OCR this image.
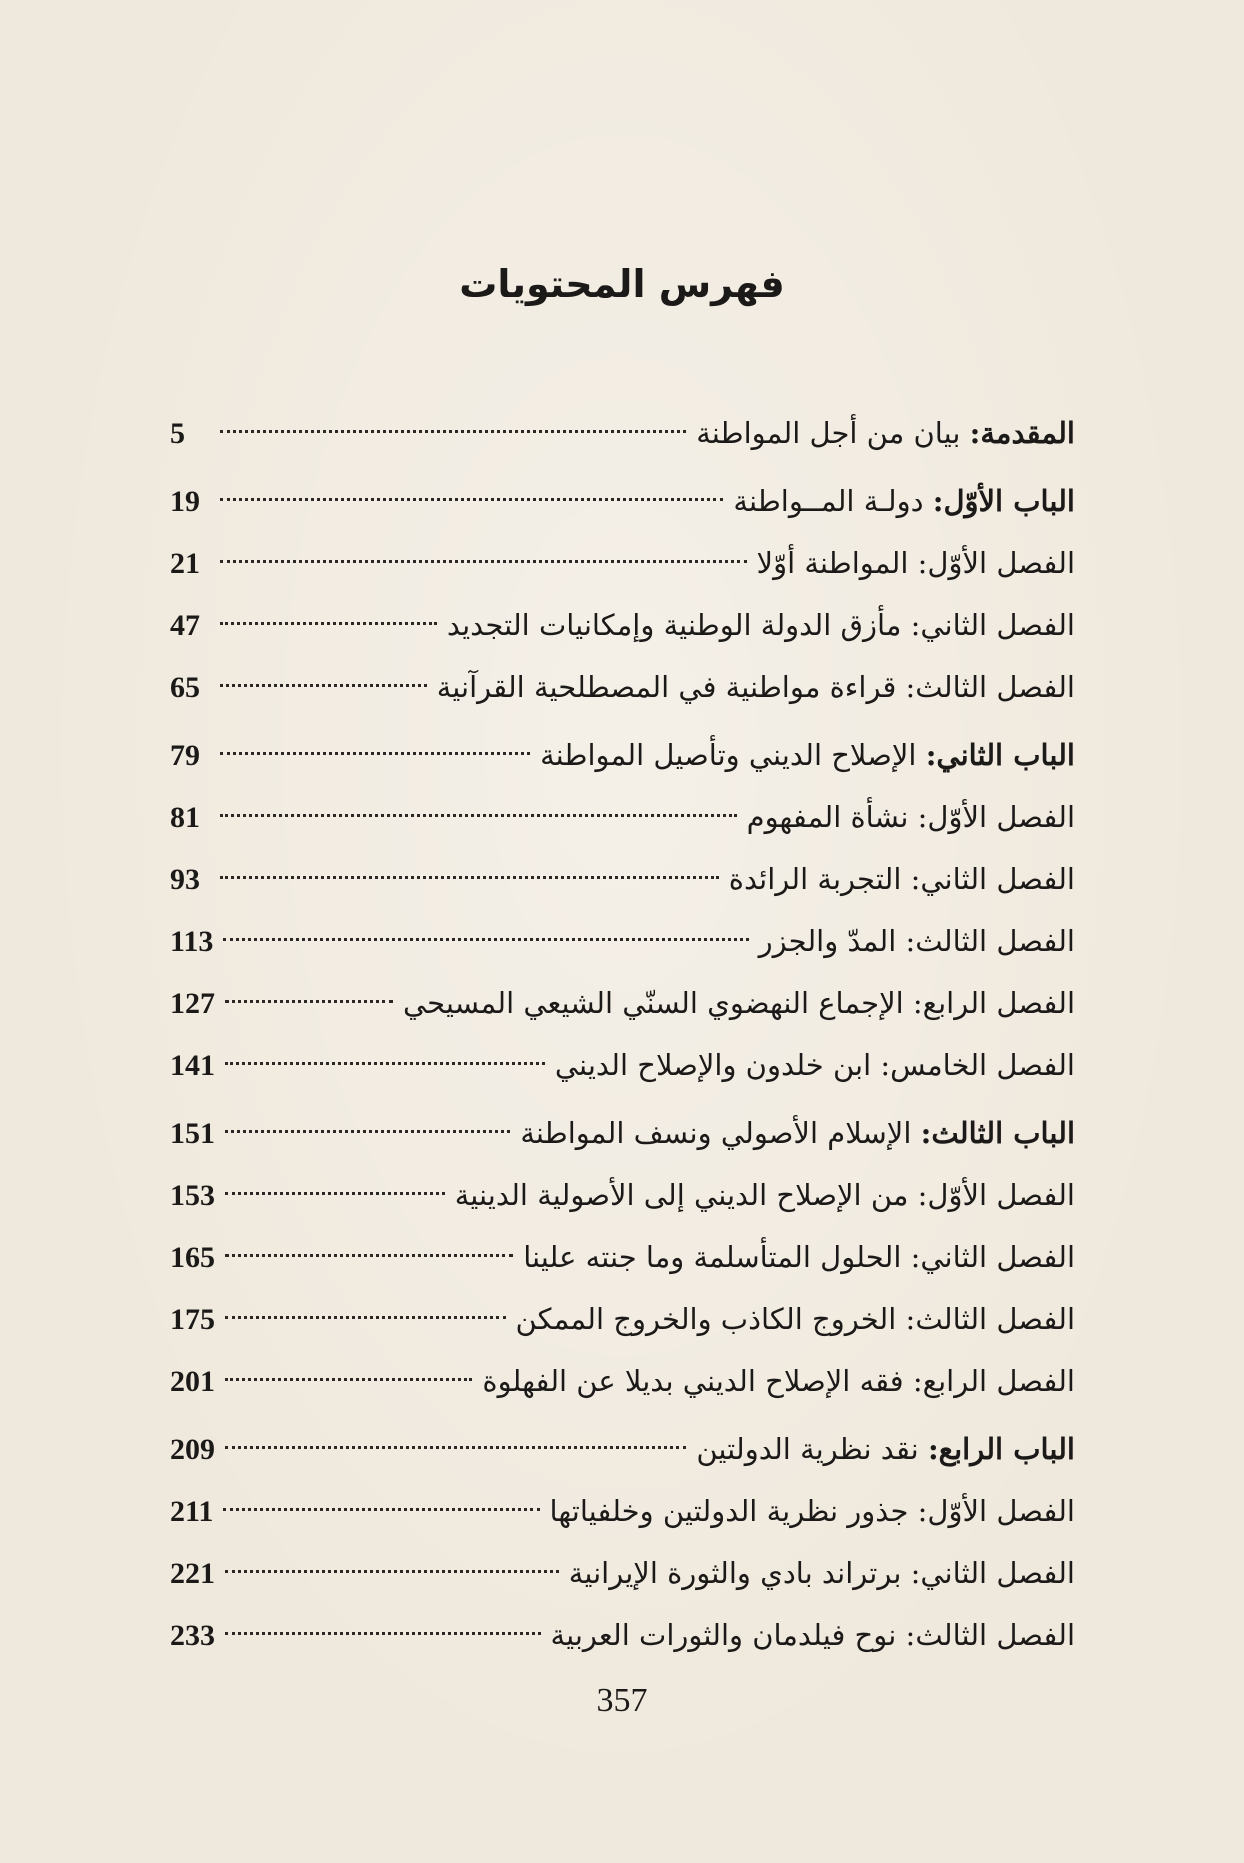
فهرس المحتويات
المقدمة: بيان من أجل المواطنة
5
الباب الأوّل: دولـة المــواطنة
19
الفصل الأوّل: المواطنة أوّلا
21
الفصل الثاني: مأزق الدولة الوطنية وإمكانيات التجديد
47
الفصل الثالث: قراءة مواطنية في المصطلحية القرآنية
65
الباب الثاني: الإصلاح الديني وتأصيل المواطنة
79
الفصل الأوّل: نشأة المفهوم
81
الفصل الثاني: التجربة الرائدة
93
الفصل الثالث: المدّ والجزر
113
الفصل الرابع: الإجماع النهضوي السنّي الشيعي المسيحي
127
الفصل الخامس: ابن خلدون والإصلاح الديني
141
الباب الثالث: الإسلام الأصولي ونسف المواطنة
151
الفصل الأوّل: من الإصلاح الديني إلى الأصولية الدينية
153
الفصل الثاني: الحلول المتأسلمة وما جنته علينا
165
الفصل الثالث: الخروج الكاذب والخروج الممكن
175
الفصل الرابع: فقه الإصلاح الديني بديلا عن الفهلوة
201
الباب الرابع: نقد نظرية الدولتين
209
الفصل الأوّل: جذور نظرية الدولتين وخلفياتها
211
الفصل الثاني: برتراند بادي والثورة الإيرانية
221
الفصل الثالث: نوح فيلدمان والثورات العربية
233
357
